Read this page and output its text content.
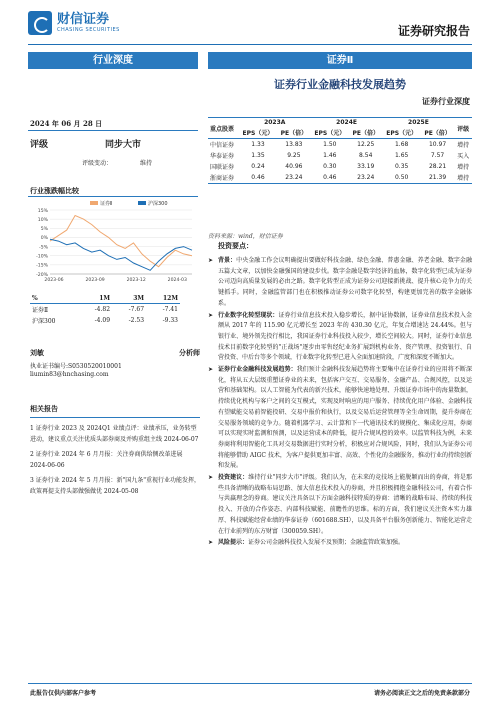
财信证券
CHASING SECURITIES	证券研究报告
行业深度	证券Ⅱ
证券行业金融科技发展趋势
证券行业深度
2024 年 06 月 28 日
评级	同步大市
评级变动：	维持
行业涨跌幅比较
证券Ⅱ	沪深300
15%
10%
5%
0%
-5%
-10%
-15%
-20%
2023-06	2023-09	2023-12	2024-03
%	1M	3M	12M
证券Ⅱ	-4.82	-7.67	-7.41
沪深300	-4.09	-2.53	-9.33
刘敏	分析师
执业证书编号:S0530520010001
liumin83@hnchasing.com
相关报告
1 证券行业 2023 及 2024Q1 业绩点评：业绩承压，业务转型进动，建议重点关注优质头部券商及并购重组主线 2024-06-07
2 证券行业 2024 年 6 月月报：关注券商供给侧改革进展 2024-06-06
3 证券行业 2024 年 5 月月报：新"国九条"重视行业功能发挥，政策再提支持头部做强做优 2024-05-08
重点股票	2023A		2024E		2025E		评级
	EPS（元）	PE（倍）	EPS（元）	PE（倍）	EPS（元）	PE（倍）	
中信证券	1.33	13.83	1.50	12.25	1.68	10.97	增持
华泰证券	1.35	9.25	1.46	8.54	1.65	7.57	买入
国联证券	0.24	40.96	0.30	33.19	0.35	28.21	增持
浙商证券	0.46	23.24	0.46	23.24	0.50	21.39	增持
资料来源：wind，财信证券
投资要点：

➤ 背景：中央金融工作会议明确提出要做好科技金融、绿色金融、普惠金融、养老金融、数字金融五篇大文章，以加快金融强国的建设步伐。数字金融是数字经济的血脉，数字化转型已成为证券公司迈向高质量发展的必由之路。数字化转型正成为证券公司迎接新挑战、提升核心竞争力的关键抓手。同时，金融监管部门也在积极推动证券公司数字化转型，构建更加完善的数字金融体系。

➤ 行业数字化转型现状：证券行业信息技术投入稳步增长，据中证协数据，证券业信息技术投入金额从 2017 年的 115.90 亿元增长至 2023 年的 430.30 亿元，年复合增速达 24.44%。但与银行业、境外领先投行相比，我国证券行业科技投入较少，增长空间较大。同时，证券行业信息技术目前数字化转型的"正战场"逐步由零售经纪业务扩展到机构业务、资产管理、投资银行、自营投资、中后台等多个领域，行业数字化转型已进入全面加速阶段，广度和深度不断加大。

➤ 证券行业金融科技发展趋势：我们预计金融科技发展趋势将主要集中在证券行业的应用将不断深化，将从五大层级重塑证券业的未来，包括客户交互、交易服务、金融产品、合规风控，以及运营和基础架构。以人工智能为代表的新兴技术，能够快速地处理、升级证券市场中的海量数据，持续优化机构与客户之间的交互模式，实现及时响应的用户服务、持续优化用户体验、金融科技有望赋能交易前智能投研、交易中报价和执行，以及交易后运营管理等全生命周期，提升券商在交易服务领域的竞争力。随着机器学习、云计算和下一代通讯技术的规模化、集成化应用，券商可以实现实时监测和预测，以及运营成本的降低，提升合规风控的效率。以监管科技为例，未来券商将利用智能化工具对交易数据进行实时分析，积极应对合规风险，同时，我们认为证券公司将能够借助 AIGC 技术，为客户提供更加丰富、高效、个性化的金融服务，推动行业的持续创新和发展。

➤ 投资建议：维持行业"同步大市"评级。我们认为，在未来的竞技场上能脱颖而出的券商，将是那些具备清晰的战略布局思路、加大信息技术投入的券商，并且积极拥抱金融科技公司，有着合作与共赢理念的券商。建议关注具备以下方面金融科技特质的券商：清晰的战略布局、持续的科技投入、开放的合作姿态、内部科技赋能、前瞻性的思维。标的方面，我们建议关注资本实力雄厚、科技赋能经营业绩的华泰证券（601688.SH），以及具备平台服务创新能力、智能化运营走在行业前列的东方财富（300059.SH）。

➤ 风险提示：证券公司金融科技投入发展不及预期；金融监管政策加强。

此报告仅供内部客户参考	请务必阅读正文之后的免责条款部分
